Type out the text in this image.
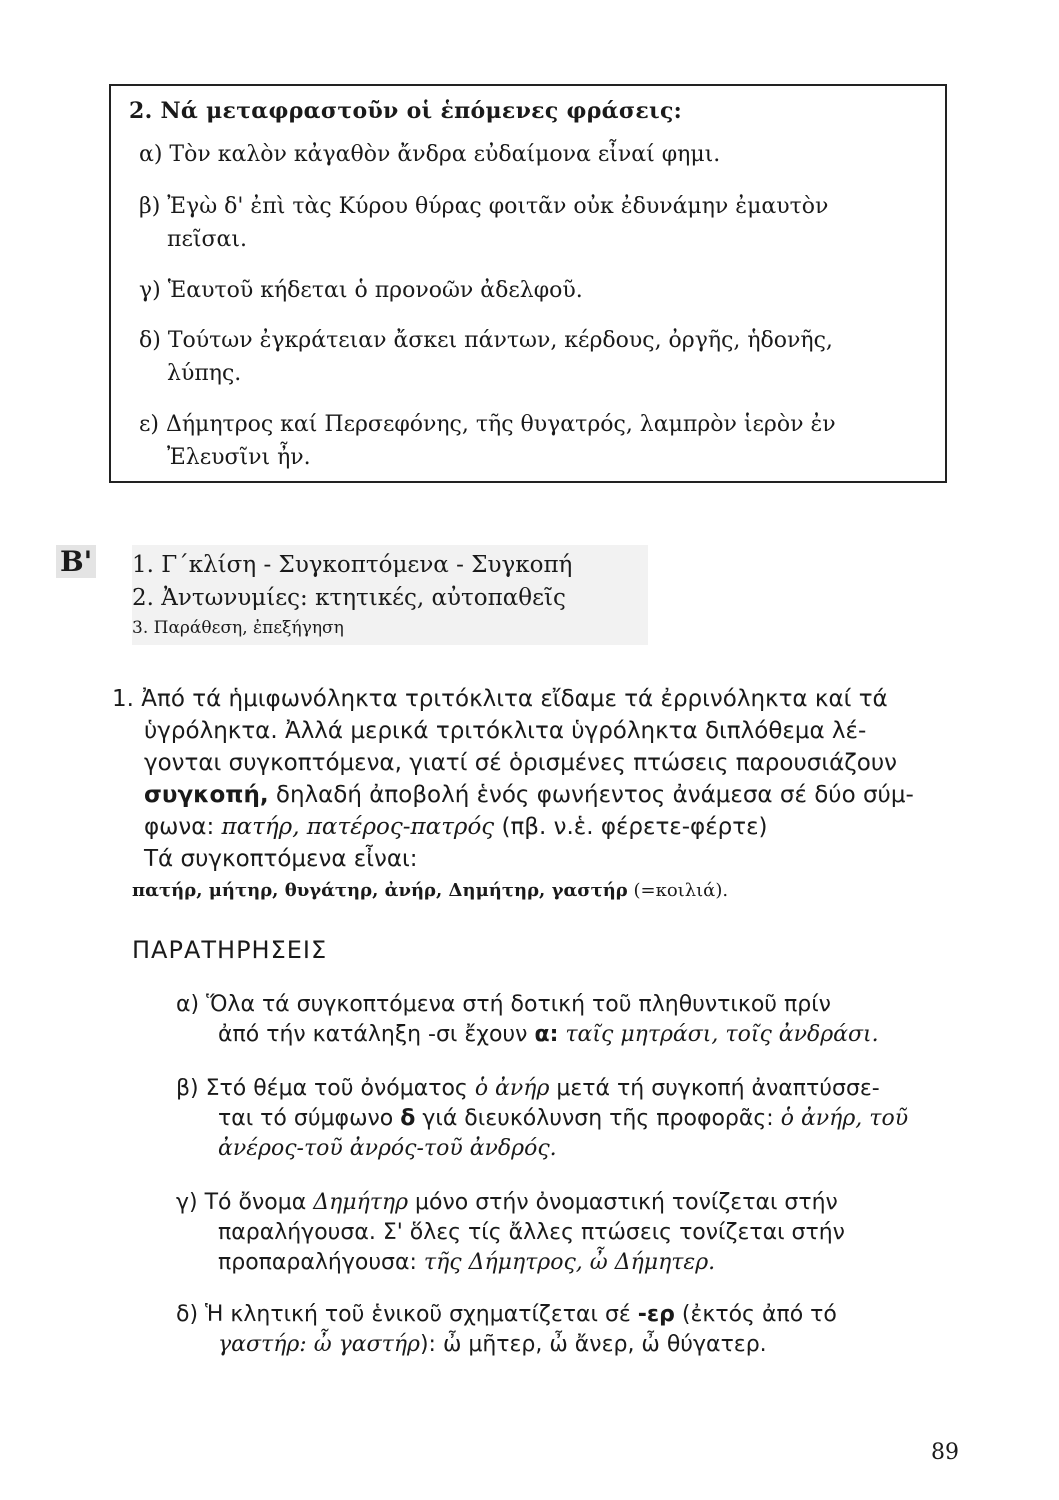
2. Νά μεταφραστοῦν οἱ ἑπόμενες φράσεις:
α) Τὸν καλὸν κἀγαθὸν ἄνδρα εὐδαίμονα εἶναί φημι.
β) Ἐγὼ δ' ἐπὶ τὰς Κύρου θύρας φοιτᾶν οὐκ ἐδυνάμην ἐμαυτὸν
πεῖσαι.
γ) Ἑαυτοῦ κήδεται ὁ προνοῶν ἀδελφοῦ.
δ) Τούτων ἐγκράτειαν ἄσκει πάντων, κέρδους, ὀργῆς, ἡδονῆς,
λύπης.
ε) Δήμητρος καί Περσεφόνης, τῆς θυγατρός, λαμπρὸν ἱερὸν ἐν
Ἐλευσῖνι ἦν.
Β' 1. Γ΄κλίση - Συγκοπτόμενα - Συγκοπή
2. Ἀντωνυμίες: κτητικές, αὐτοπαθεῖς
3. Παράθεση, ἐπεξήγηση
1. Ἀπό τά ἡμιφωνόληκτα τριτόκλιτα εἴδαμε τά ἐρρινόληκτα καί τά
ὑγρόληκτα. Ἀλλά μερικά τριτόκλιτα ὑγρόληκτα διπλόθεμα λέ-
γονται συγκοπτόμενα, γιατί σέ ὁρισμένες πτώσεις παρουσιάζουν
συγκοπή, δηλαδή ἀποβολή ἑνός φωνήεντος ἀνάμεσα σέ δύο σύμ-
φωνα: πατήρ, πατέρος-πατρός (πβ. ν.ἑ. φέρετε-φέρτε)
Τά συγκοπτόμενα εἶναι:
πατήρ, μήτηρ, θυγάτηρ, ἀνήρ, Δημήτηρ, γαστήρ (=κοιλιά).
ΠΑΡΑΤΗΡΗΣΕΙΣ
α) Ὅλα τά συγκοπτόμενα στή δοτική τοῦ πληθυντικοῦ πρίν
ἀπό τήν κατάληξη -σι ἔχουν α: ταῖς μητράσι, τοῖς ἀνδράσι.
β) Στό θέμα τοῦ ὀνόματος ὁ ἀνήρ μετά τή συγκοπή ἀναπτύσσε-
ται τό σύμφωνο δ γιά διευκόλυνση τῆς προφορᾶς: ὁ ἀνήρ, τοῦ
ἀνέρος-τοῦ ἀνρός-τοῦ ἀνδρός.
γ) Τό ὄνομα Δημήτηρ μόνο στήν ὀνομαστική τονίζεται στήν
παραλήγουσα. Σ' ὅλες τίς ἄλλες πτώσεις τονίζεται στήν
προπαραλήγουσα: τῆς Δήμητρος, ὦ Δήμητερ.
δ) Ἡ κλητική τοῦ ἑνικοῦ σχηματίζεται σέ -ερ (ἐκτός ἀπό τό
γαστήρ: ὦ γαστήρ): ὦ μῆτερ, ὦ ἄνερ, ὦ θύγατερ.
89
